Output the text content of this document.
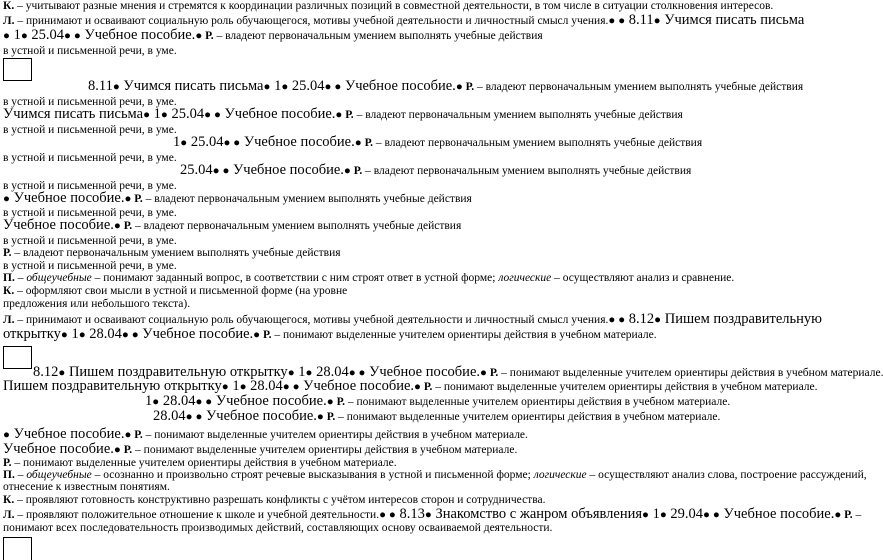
К. – учитывают разные мнения и стремятся к координации различных позиций в совместной деятельности, в том числе в ситуации столкновения интересов.
Л. – принимают и осваивают социальную роль обучающегося, мотивы учебной деятельности и личностный смысл учения.● ● 8.11● Учимся писать письма
● 1● 25.04● ● Учебное пособие.● Р. – владеют первоначальным умением выполнять учебные действия
в устной и письменной речи, в уме.
8.11● Учимся писать письма● 1● 25.04● ● Учебное пособие.● Р. – владеют первоначальным умением выполнять учебные действия
в устной и письменной речи, в уме.
Учимся писать письма● 1● 25.04● ● Учебное пособие.● Р. – владеют первоначальным умением выполнять учебные действия
в устной и письменной речи, в уме.
1● 25.04● ● Учебное пособие.● Р. – владеют первоначальным умением выполнять учебные действия
в устной и письменной речи, в уме.
25.04● ● Учебное пособие.● Р. – владеют первоначальным умением выполнять учебные действия
в устной и письменной речи, в уме.
● Учебное пособие.● Р. – владеют первоначальным умением выполнять учебные действия
в устной и письменной речи, в уме.
Учебное пособие.● Р. – владеют первоначальным умением выполнять учебные действия
в устной и письменной речи, в уме.
Р. – владеют первоначальным умением выполнять учебные действия
в устной и письменной речи, в уме.
П. – общеучебные – понимают заданный вопрос, в соответствии с ним строят ответ в устной форме; логические – осуществляют анализ и сравнение.
К. – оформляют свои мысли в устной и письменной форме (на уровне
предложения или небольшого текста).
Л. – принимают и осваивают социальную роль обучающегося, мотивы учебной деятельности и личностный смысл учения.● ● 8.12● Пишем поздравительную
открытку● 1● 28.04● ● Учебное пособие.● Р. – понимают выделенные учителем ориентиры действия в учебном материале.
8.12● Пишем поздравительную открытку● 1● 28.04● ● Учебное пособие.● Р. – понимают выделенные учителем ориентиры действия в учебном материале.
Пишем поздравительную открытку● 1● 28.04● ● Учебное пособие.● Р. – понимают выделенные учителем ориентиры действия в учебном материале.
1● 28.04● ● Учебное пособие.● Р. – понимают выделенные учителем ориентиры действия в учебном материале.
28.04● ● Учебное пособие.● Р. – понимают выделенные учителем ориентиры действия в учебном материале.
● Учебное пособие.● Р. – понимают выделенные учителем ориентиры действия в учебном материале.
Учебное пособие.● Р. – понимают выделенные учителем ориентиры действия в учебном материале.
Р. – понимают выделенные учителем ориентиры действия в учебном материале.
П. – общеучебные – осознанно и произвольно строят речевые высказывания в устной и письменной форме; логические – осуществляют анализ слова, построение рассуждений,
отнесение к известным понятиям.
К. – проявляют готовность конструктивно разрешать конфликты с учётом интересов сторон и сотрудничества.
Л. – проявляют положительное отношение к школе и учебной деятельности.● ● 8.13● Знакомство с жанром объявления● 1● 29.04● ● Учебное пособие.● Р. –
понимают всех последовательность производимых действий, составляющих основу осваиваемой деятельности.
